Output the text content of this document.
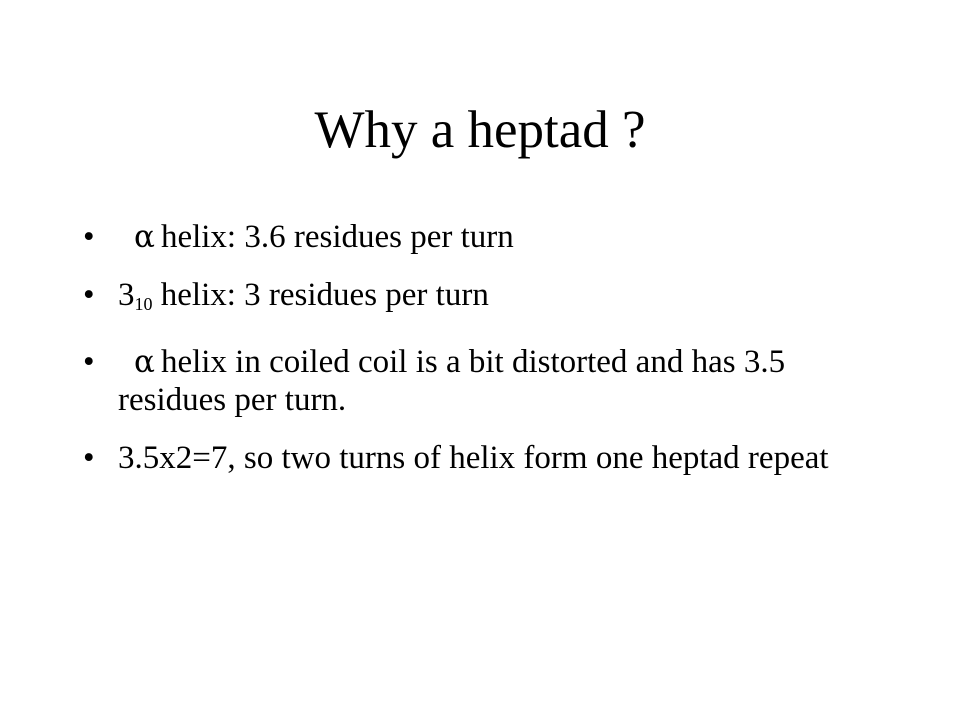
Why a heptad ?
• α helix: 3.6 residues per turn
• $3_{10}$ helix: 3 residues per turn
• α helix in coiled coil is a bit distorted and has 3.5 residues per turn.
• 3.5x2=7, so two turns of helix form one heptad repeat
